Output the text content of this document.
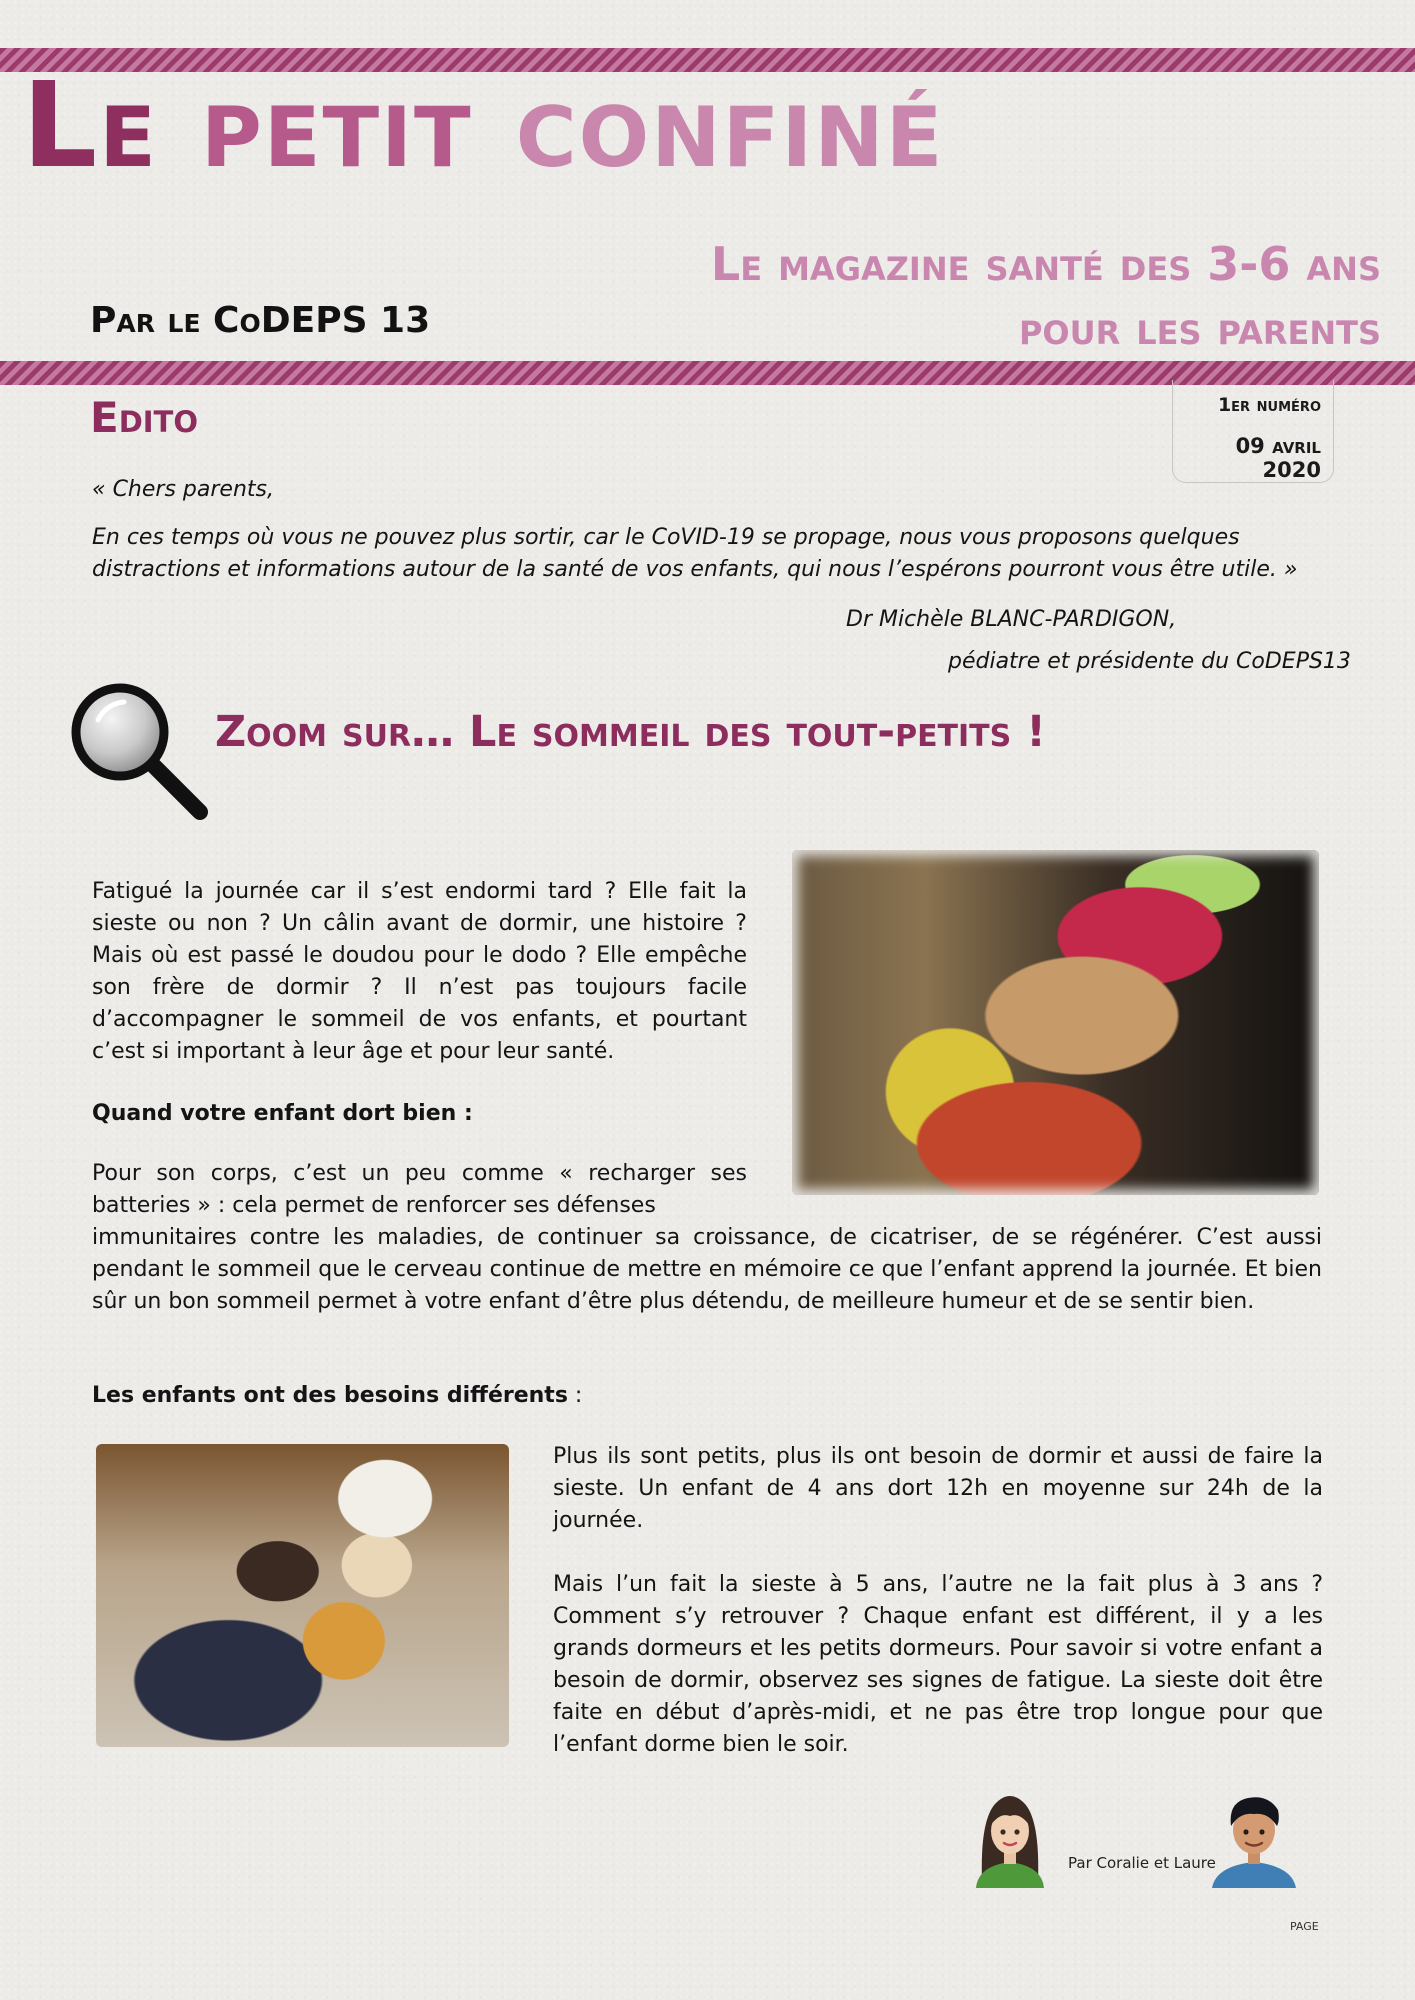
Le petit confiné
Le magazine santé des 3-6 ans
pour les parents

Par le CoDEPS 13

Edito	1er numéro
09 avril 2020

« Chers parents,

En ces temps où vous ne pouvez plus sortir, car le CoVID-19 se propage, nous vous proposons quelques distractions et informations autour de la santé de vos enfants, qui nous l’espérons pourront vous être utile. »

Dr Michèle BLANC-PARDIGON,

pédiatre et présidente du CoDEPS13

Zoom sur… Le sommeil des tout-petits !

Fatigué la journée car il s’est endormi tard ? Elle fait la sieste ou non ? Un câlin avant de dormir, une histoire ? Mais où est passé le doudou pour le dodo ? Elle empêche son frère de dormir ? Il n’est pas toujours facile d’accompagner le sommeil de vos enfants, et pourtant c’est si important à leur âge et pour leur santé.

Quand votre enfant dort bien :

Pour son corps, c’est un peu comme « recharger ses batteries » : cela permet de renforcer ses défenses

immunitaires contre les maladies, de continuer sa croissance, de cicatriser, de se régénérer. C’est aussi pendant le sommeil que le cerveau continue de mettre en mémoire ce que l’enfant apprend la journée. Et bien sûr un bon sommeil permet à votre enfant d’être plus détendu, de meilleure humeur et de se sentir bien.

Les enfants ont des besoins différents :

Plus ils sont petits, plus ils ont besoin de dormir et aussi de faire la sieste. Un enfant de 4 ans dort 12h en moyenne sur 24h de la journée.

Mais l’un fait la sieste à 5 ans, l’autre ne la fait plus à 3 ans ? Comment s’y retrouver ? Chaque enfant est différent, il y a les grands dormeurs et les petits dormeurs. Pour savoir si votre enfant a besoin de dormir, observez ses signes de fatigue. La sieste doit être faite en début d’après-midi, et ne pas être trop longue pour que l’enfant dorme bien le soir.

Par Coralie et Laure

PAGE
